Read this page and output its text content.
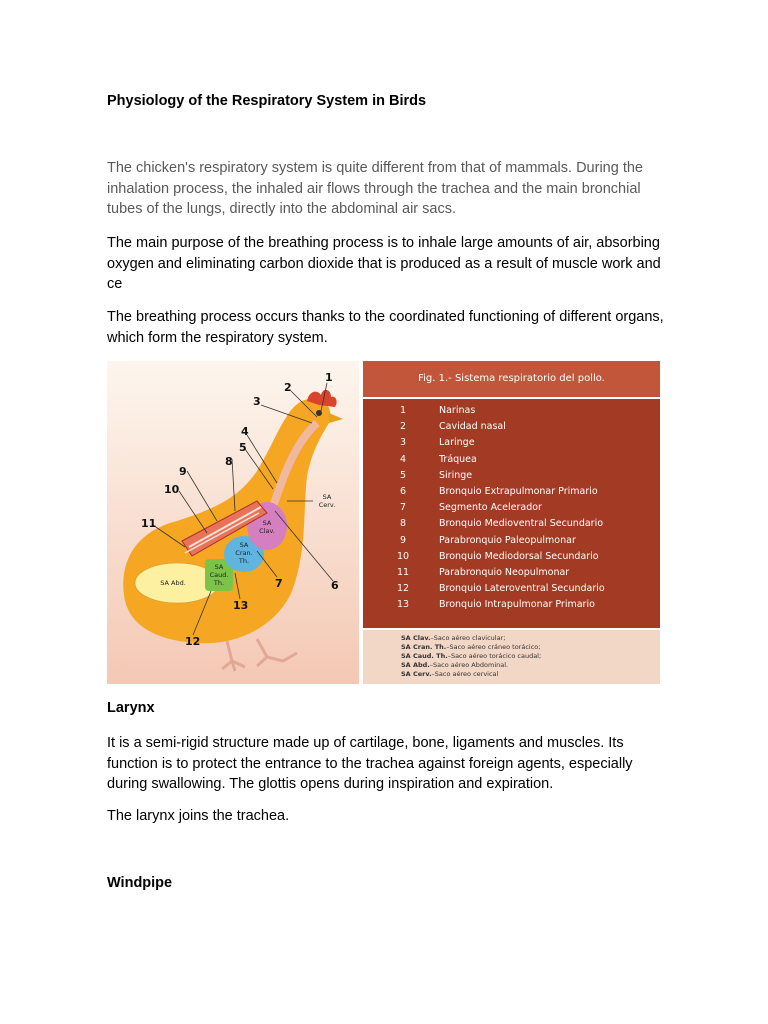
Physiology of the Respiratory System in Birds

The chicken's respiratory system is quite different from that of mammals. During the inhalation process, the inhaled air flows through the trachea and the main bronchial tubes of the lungs, directly into the abdominal air sacs.

The main purpose of the breathing process is to inhale large amounts of air, absorbing oxygen and eliminating carbon dioxide that is produced as a result of muscle work and ce

The breathing process occurs thanks to the coordinated functioning of different organs, which form the respiratory system.

1
2
3
4
5
6
7
8
9
10
11
12
13
SA Abd.
SA
Caud.
Th.
SA
Cran.
Th.
SA
Clav.
SA
Cerv.
Fig. 1.- Sistema respiratorio del pollo.
1	Narinas
2	Cavidad nasal
3	Laringe
4	Tráquea
5	Siringe
6	Bronquio Extrapulmonar Primario
7	Segmento Acelerador
8	Bronquio Medioventral Secundario
9	Parabronquio Paleopulmonar
10	Bronquio Mediodorsal Secundario
11	Parabronquio Neopulmonar
12	Bronquio Lateroventral Secundario
13	Bronquio Intrapulmonar Primario
SA Clav.–Saco aéreo clavicular;
SA Cran. Th.–Saco aéreo cráneo torácico;
SA Caud. Th.–Saco aéreo torácico caudal;
SA Abd.–Saco aéreo Abdominal.
SA Cerv.–Saco aéreo cervical
Larynx

It is a semi-rigid structure made up of cartilage, bone, ligaments and muscles. Its function is to protect the entrance to the trachea against foreign agents, especially during swallowing. The glottis opens during inspiration and expiration.

The larynx joins the trachea.

Windpipe
